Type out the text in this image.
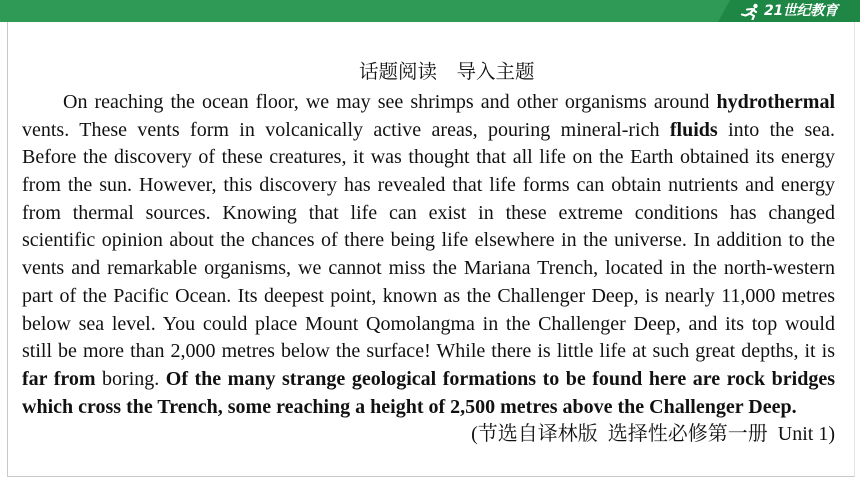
21世纪教育
话题阅读　导入主题
On reaching the ocean floor, we may see shrimps and other organisms around hydrothermal
vents. These vents form in volcanically active areas, pouring mineral-rich fluids into the sea.
Before the discovery of these creatures, it was thought that all life on the Earth obtained its energy
from the sun. However, this discovery has revealed that life forms can obtain nutrients and energy
from thermal sources. Knowing that life can exist in these extreme conditions has changed
scientific opinion about the chances of there being life elsewhere in the universe. In addition to the
vents and remarkable organisms, we cannot miss the Mariana Trench, located in the north-western
part of the Pacific Ocean. Its deepest point, known as the Challenger Deep, is nearly 11,000 metres
below sea level. You could place Mount Qomolangma in the Challenger Deep, and its top would
still be more than 2,000 metres below the surface! While there is little life at such great depths, it is
far from boring. Of the many strange geological formations to be found here are rock bridges
which cross the Trench, some reaching a height of 2,500 metres above the Challenger Deep.
(节选自译林版  选择性必修第一册  Unit 1)
